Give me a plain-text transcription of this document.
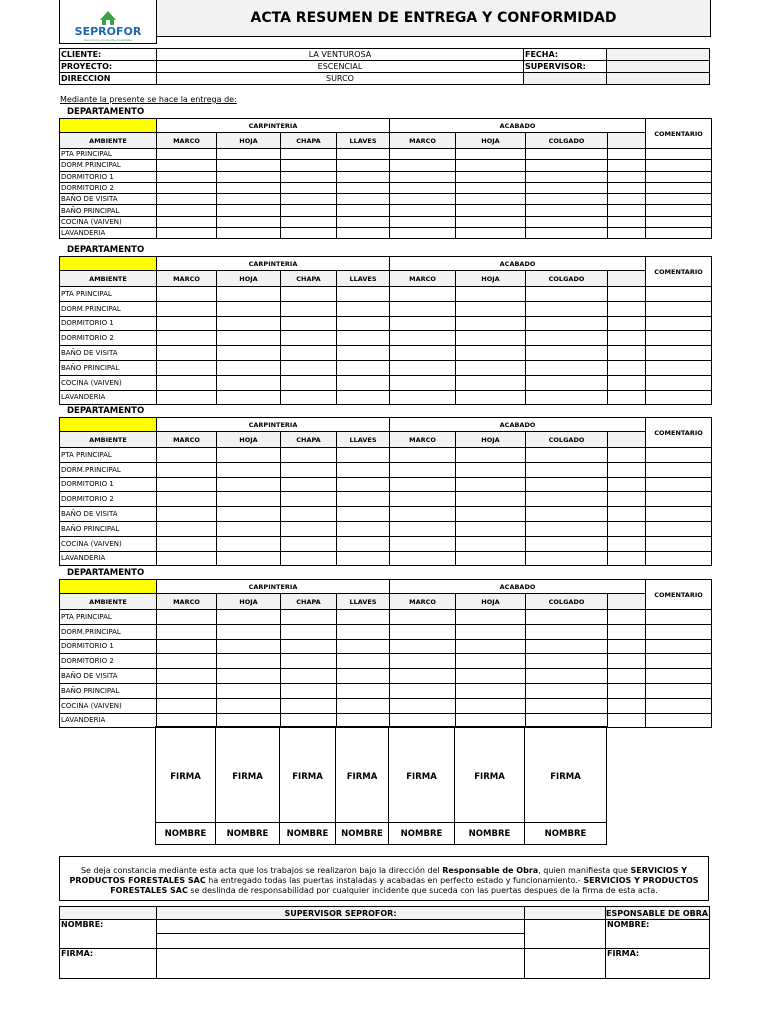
SEPROFOR
Servicios y productos forestales
ACTA RESUMEN DE ENTREGA Y CONFORMIDAD
CLIENTE:	LA VENTUROSA	FECHA:	
PROYECTO:	ESCENCIAL	SUPERVISOR:	
DIRECCION	SURCO		
Mediante la presente se hace la entrega de:
DEPARTAMENTO
	CARPINTERIA				ACABADO				COMENTARIO
AMBIENTE	MARCO	HOJA	CHAPA	LLAVES	MARCO	HOJA	COLGADO		
PTA PRINCIPAL									
DORM.PRINCIPAL									
DORMITORIO 1									
DORMITORIO 2									
BAÑO DE VISITA									
BAÑO PRINCIPAL									
COCINA (VAIVEN)									
LAVANDERIA									
DEPARTAMENTO
	CARPINTERIA				ACABADO				COMENTARIO
AMBIENTE	MARCO	HOJA	CHAPA	LLAVES	MARCO	HOJA	COLGADO		
PTA PRINCIPAL									
DORM.PRINCIPAL									
DORMITORIO 1									
DORMITORIO 2									
BAÑO DE VISITA									
BAÑO PRINCIPAL									
COCINA (VAIVEN)									
LAVANDERIA									
DEPARTAMENTO
	CARPINTERIA				ACABADO				COMENTARIO
AMBIENTE	MARCO	HOJA	CHAPA	LLAVES	MARCO	HOJA	COLGADO		
PTA PRINCIPAL									
DORM.PRINCIPAL									
DORMITORIO 1									
DORMITORIO 2									
BAÑO DE VISITA									
BAÑO PRINCIPAL									
COCINA (VAIVEN)									
LAVANDERIA									
DEPARTAMENTO
	CARPINTERIA				ACABADO				COMENTARIO
AMBIENTE	MARCO	HOJA	CHAPA	LLAVES	MARCO	HOJA	COLGADO		
PTA PRINCIPAL									
DORM.PRINCIPAL									
DORMITORIO 1									
DORMITORIO 2									
BAÑO DE VISITA									
BAÑO PRINCIPAL									
COCINA (VAIVEN)									
LAVANDERIA									

FIRMA	FIRMA	FIRMA	FIRMA	FIRMA	FIRMA	FIRMA

NOMBRE	NOMBRE	NOMBRE	NOMBRE	NOMBRE	NOMBRE	NOMBRE
Se deja constancia mediante esta acta que los trabajos se realizaron bajo la dirección del Responsable de Obra, quien manifiesta que SERVICIOS Y PRODUCTOS FORESTALES SAC ha entregado todas las puertas instaladas y acabadas en perfecto estado y funcionamiento.- SERVICIOS Y PRODUCTOS FORESTALES SAC se deslinda de responsabilidad por cualquier incidente que suceda con las puertas despues de la firma de esta acta.
	SUPERVISOR SEPROFOR:		ESPONSABLE DE OBRA
NOMBRE:			NOMBRE:

FIRMA:			FIRMA:
